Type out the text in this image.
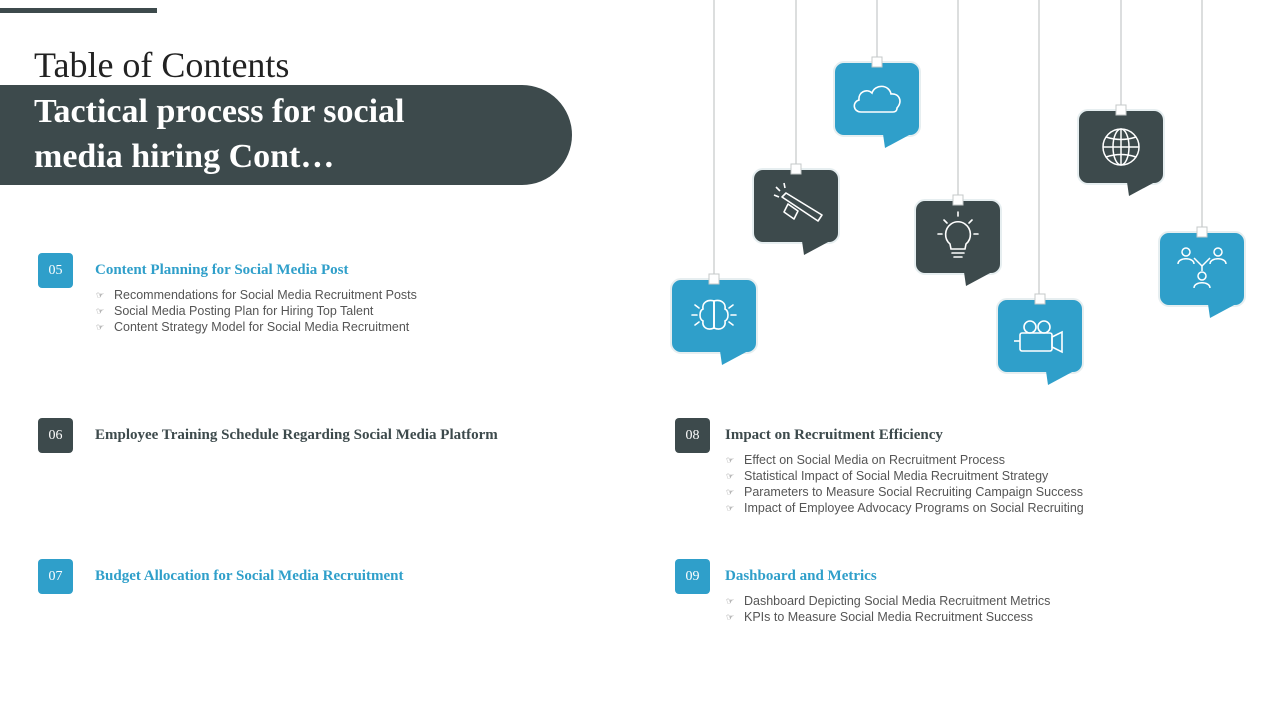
Table of Contents
Tactical process for social
media hiring Cont…
05	Content Planning for Social Media Post
☞ Recommendations for Social Media Recruitment Posts
☞ Social Media Posting Plan for Hiring Top Talent
☞ Content Strategy Model for Social Media Recruitment
06	Employee Training Schedule Regarding Social Media Platform
07	Budget Allocation for Social Media Recruitment
08	Impact on Recruitment Efficiency
☞ Effect on Social Media on Recruitment Process
☞ Statistical Impact of Social Media Recruitment Strategy
☞ Parameters to Measure Social Recruiting Campaign Success
☞ Impact of Employee Advocacy Programs on Social Recruiting
09	Dashboard and Metrics
☞ Dashboard Depicting Social Media Recruitment Metrics
☞ KPIs to Measure Social Media Recruitment Success
